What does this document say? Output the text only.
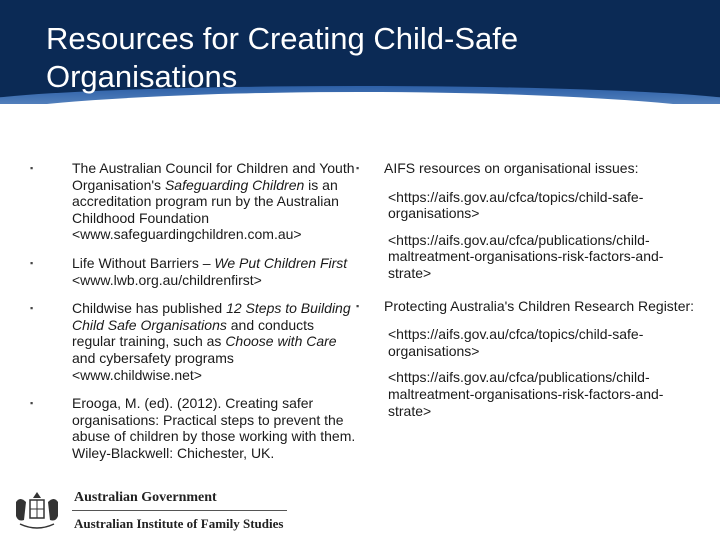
Resources for Creating Child-Safe Organisations
▪	The Australian Council for Children and Youth Organisation's Safeguarding Children is an accreditation program run by the Australian Childhood Foundation <www.safeguardingchildren.com.au>
▪	Life Without Barriers – We Put Children First <www.lwb.org.au/childrenfirst>
▪	Childwise has published 12 Steps to Building Child Safe Organisations and conducts regular training, such as Choose with Care and cybersafety programs <www.childwise.net>
▪	Erooga, M. (ed). (2012). Creating safer organisations: Practical steps to prevent the abuse of children by those working with them. Wiley-Blackwell: Chichester, UK.
▪ AIFS resources on organisational issues:
<https://aifs.gov.au/cfca/topics/child-safe-organisations>
<https://aifs.gov.au/cfca/publications/child-maltreatment-organisations-risk-factors-and-strate>
▪ Protecting Australia's Children Research Register:
<https://aifs.gov.au/cfca/topics/child-safe-organisations>
<https://aifs.gov.au/cfca/publications/child-maltreatment-organisations-risk-factors-and-strate>
Australian Government
Australian Institute of Family Studies
